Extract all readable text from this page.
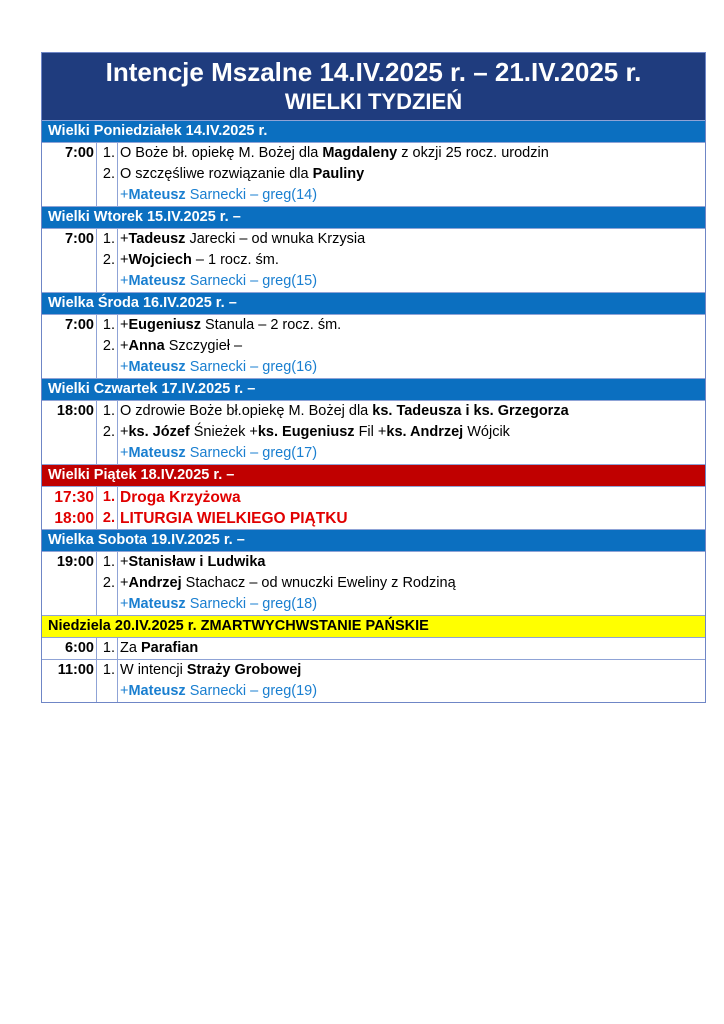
Intencje Mszalne 14.IV.2025 r. – 21.IV.2025 r.
WIELKI TYDZIEŃ
Wielki Poniedziałek 14.IV.2025 r.
7:00 1. O Boże bł. opiekę M. Bożej dla Magdaleny z okzji 25 rocz. urodzin
2. O szczęśliwe rozwiązanie dla Pauliny
+Mateusz Sarnecki – greg(14)
Wielki Wtorek 15.IV.2025 r. –
7:00 1. +Tadeusz Jarecki – od wnuka Krzysia
2. +Wojciech – 1 rocz. śm.
+Mateusz Sarnecki – greg(15)
Wielka Środa 16.IV.2025 r. –
7:00 1. +Eugeniusz Stanula – 2 rocz. śm.
2. +Anna Szczygieł –
+Mateusz Sarnecki – greg(16)
Wielki Czwartek 17.IV.2025 r. –
18:00 1. O zdrowie Boże bł.opiekę M. Bożej dla ks. Tadeusza i ks. Grzegorza
2. +ks. Józef Śnieżek +ks. Eugeniusz Fil +ks. Andrzej Wójcik
+Mateusz Sarnecki – greg(17)
Wielki Piątek 18.IV.2025 r. –
17:30 1. Droga Krzyżowa
18:00 2. LITURGIA WIELKIEGO PIĄTKU
Wielka Sobota 19.IV.2025 r. –
19:00 1. +Stanisław i Ludwika
2. +Andrzej Stachacz – od wnuczki Eweliny z Rodziną
+Mateusz Sarnecki – greg(18)
Niedziela 20.IV.2025 r. ZMARTWYCHWSTANIE PAŃSKIE
6:00 1. Za Parafian
11:00 1. W intencji Straży Grobowej
+Mateusz Sarnecki – greg(19)
